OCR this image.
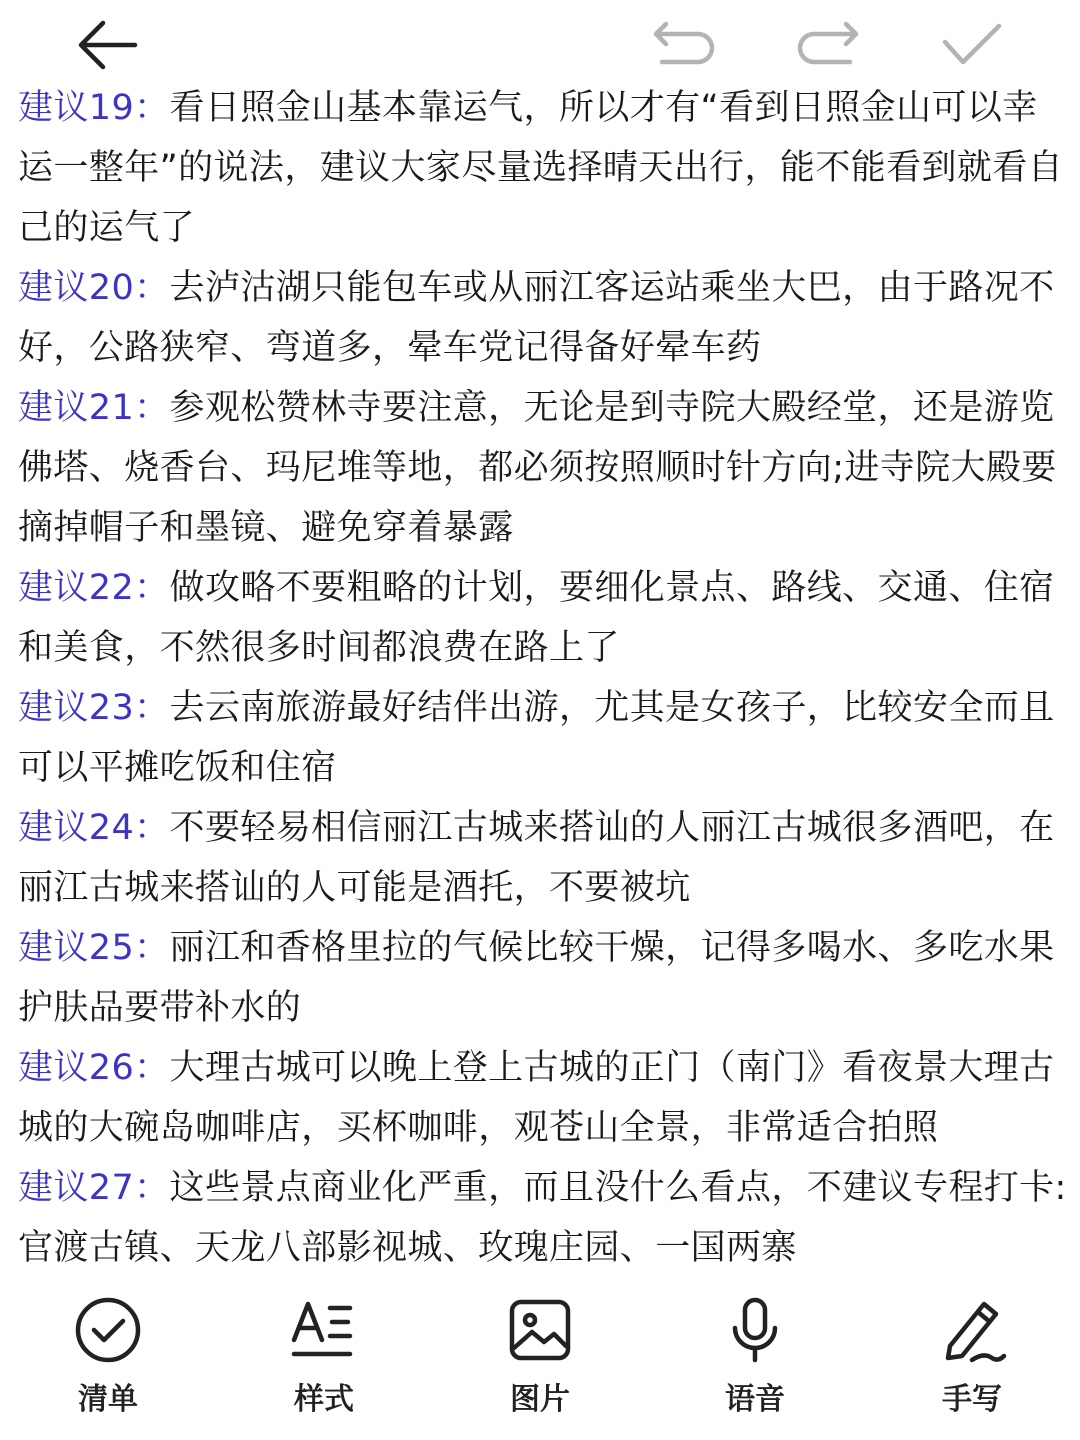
建议19：看日照金山基本靠运气，所以才有“看到日照金山可以幸运一整年”的说法，建议大家尽量选择晴天出行，能不能看到就看自己的运气了

建议20：去泸沽湖只能包车或从丽江客运站乘坐大巴，由于路况不好，公路狭窄、弯道多，晕车党记得备好晕车药

建议21：参观松赞林寺要注意，无论是到寺院大殿经堂，还是游览佛塔、烧香台、玛尼堆等地，都必须按照顺时针方向;进寺院大殿要摘掉帽子和墨镜、避免穿着暴露

建议22：做攻略不要粗略的计划，要细化景点、路线、交通、住宿和美食，不然很多时间都浪费在路上了

建议23：去云南旅游最好结伴出游，尤其是女孩子，比较安全而且可以平摊吃饭和住宿

建议24：不要轻易相信丽江古城来搭讪的人丽江古城很多酒吧，在丽江古城来搭讪的人可能是酒托，不要被坑

建议25：丽江和香格里拉的气候比较干燥，记得多喝水、多吃水果护肤品要带补水的

建议26：大理古城可以晚上登上古城的正门（南门》看夜景大理古城的大碗岛咖啡店，买杯咖啡，观苍山全景，非常适合拍照

建议27：这些景点商业化严重，而且没什么看点，不建议专程打卡:官渡古镇、天龙八部影视城、玫瑰庄园、一国两寨

清单	样式	图片	语音	手写
